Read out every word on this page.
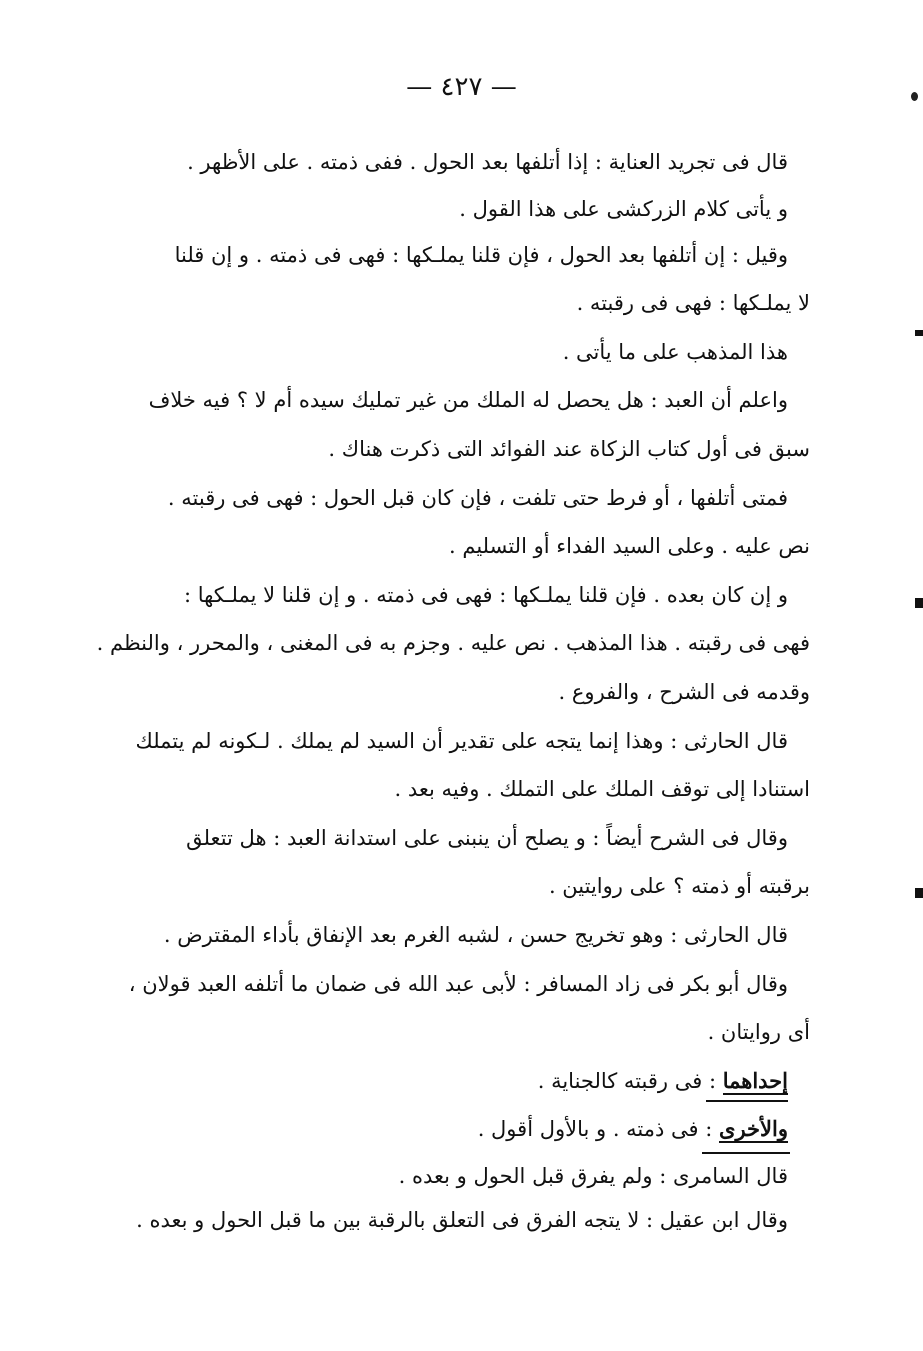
— ٤٢٧ —
قال فى تجريد العناية : إذا أتلفها بعد الحول . ففى ذمته . على الأظهر .
و يأتى كلام الزركشى على هذا القول .
وقيل : إن أتلفها بعد الحول ، فإن قلنا يملـكها : فهى فى ذمته . و إن قلنا
لا يملـكها : فهى فى رقبته .
هذا المذهب على ما يأتى .
واعلم أن العبد : هل يحصل له الملك من غير تمليك سيده أم لا ؟ فيه خلاف
سبق فى أول كتاب الزكاة عند الفوائد التى ذكرت هناك .
فمتى أتلفها ، أو فرط حتى تلفت ، فإن كان قبل الحول : فهى فى رقبته .
نص عليه . وعلى السيد الفداء أو التسليم .
و إن كان بعده . فإن قلنا يملـكها : فهى فى ذمته . و إن قلنا لا يملـكها :
فهى فى رقبته . هذا المذهب . نص عليه . وجزم به فى المغنى ، والمحرر ، والنظم .
وقدمه فى الشرح ، والفروع .
قال الحارثى : وهذا إنما يتجه على تقدير أن السيد لم يملك . لـكونه لم يتملك
استنادا إلى توقف الملك على التملك . وفيه بعد .
وقال فى الشرح أيضاً : و يصلح أن ينبنى على استدانة العبد : هل تتعلق
برقبته أو ذمته ؟ على روايتين .
قال الحارثى : وهو تخريج حسن ، لشبه الغرم بعد الإنفاق بأداء المقترض .
وقال أبو بكر فى زاد المسافر : لأبى عبد الله فى ضمان ما أتلفه العبد قولان ،
أى روايتان .
إحداهما : فى رقبته كالجناية .
والأخرى : فى ذمته . و بالأول أقول .
قال السامرى : ولم يفرق قبل الحول و بعده .
وقال ابن عقيل : لا يتجه الفرق فى التعلق بالرقبة بين ما قبل الحول و بعده .
